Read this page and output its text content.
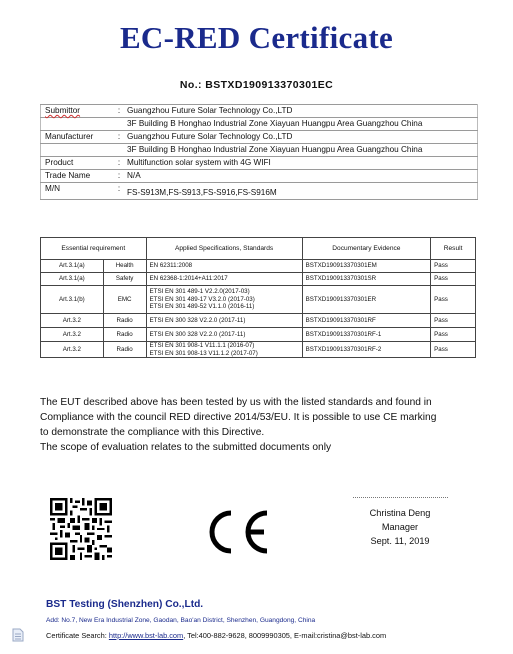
EC-RED Certificate
No.: BSTXD190913370301EC
Submittor	:	Guangzhou Future Solar Technology Co.,LTD

		3F Building B Honghao Industrial Zone Xiayuan Huangpu Area Guangzhou China
Manufacturer	:	Guangzhou Future Solar Technology Co.,LTD
		3F Building B Honghao Industrial Zone Xiayuan Huangpu Area Guangzhou China
Product	:	Multifunction solar system with 4G WIFI
Trade Name	:	N/A
M/N	:	FS-S913M,FS-S913,FS-S916,FS-S916M
Essential requirement		Applied Specifications, Standards	Documentary Evidence	Result
Art.3.1(a)	Health	EN 62311:2008	BSTXD190913370301EM	Pass
Art.3.1(a)	Safety	EN 62368-1:2014+A11:2017	BSTXD190913370301SR	Pass
Art.3.1(b)	EMC	ETSI EN 301 489-1 V2.2.0(2017-03)
ETSI EN 301 489-17 V3.2.0 (2017-03)
ETSI EN 301 489-52 V1.1.0 (2016-11)	BSTXD190913370301ER	Pass
Art.3.2	Radio	ETSI EN 300 328 V2.2.0 (2017-11)	BSTXD190913370301RF	Pass
Art.3.2	Radio	ETSI EN 300 328 V2.2.0 (2017-11)	BSTXD190913370301RF-1	Pass
Art.3.2	Radio	ETSI EN 301 908-1 V11.1.1 (2016-07)
ETSI EN 301 908-13 V11.1.2 (2017-07)	BSTXD190913370301RF-2	Pass

The EUT described above has been tested by us with the listed standards and found in

Compliance with the council RED directive 2014/53/EU. It is possible to use CE marking

to demonstrate the compliance with this Directive.

The scope of evaluation relates to the submitted documents only

Christina Deng
Manager
Sept. 11, 2019
BST Testing (Shenzhen) Co.,Ltd.
Add: No.7, New Era Industrial Zone, Gaodan, Bao'an District, Shenzhen, Guangdong, China
Certificate Search: http://www.bst-lab.com, Tel:400-882-9628, 8009990305, E-mail:cristina@bst-lab.com
